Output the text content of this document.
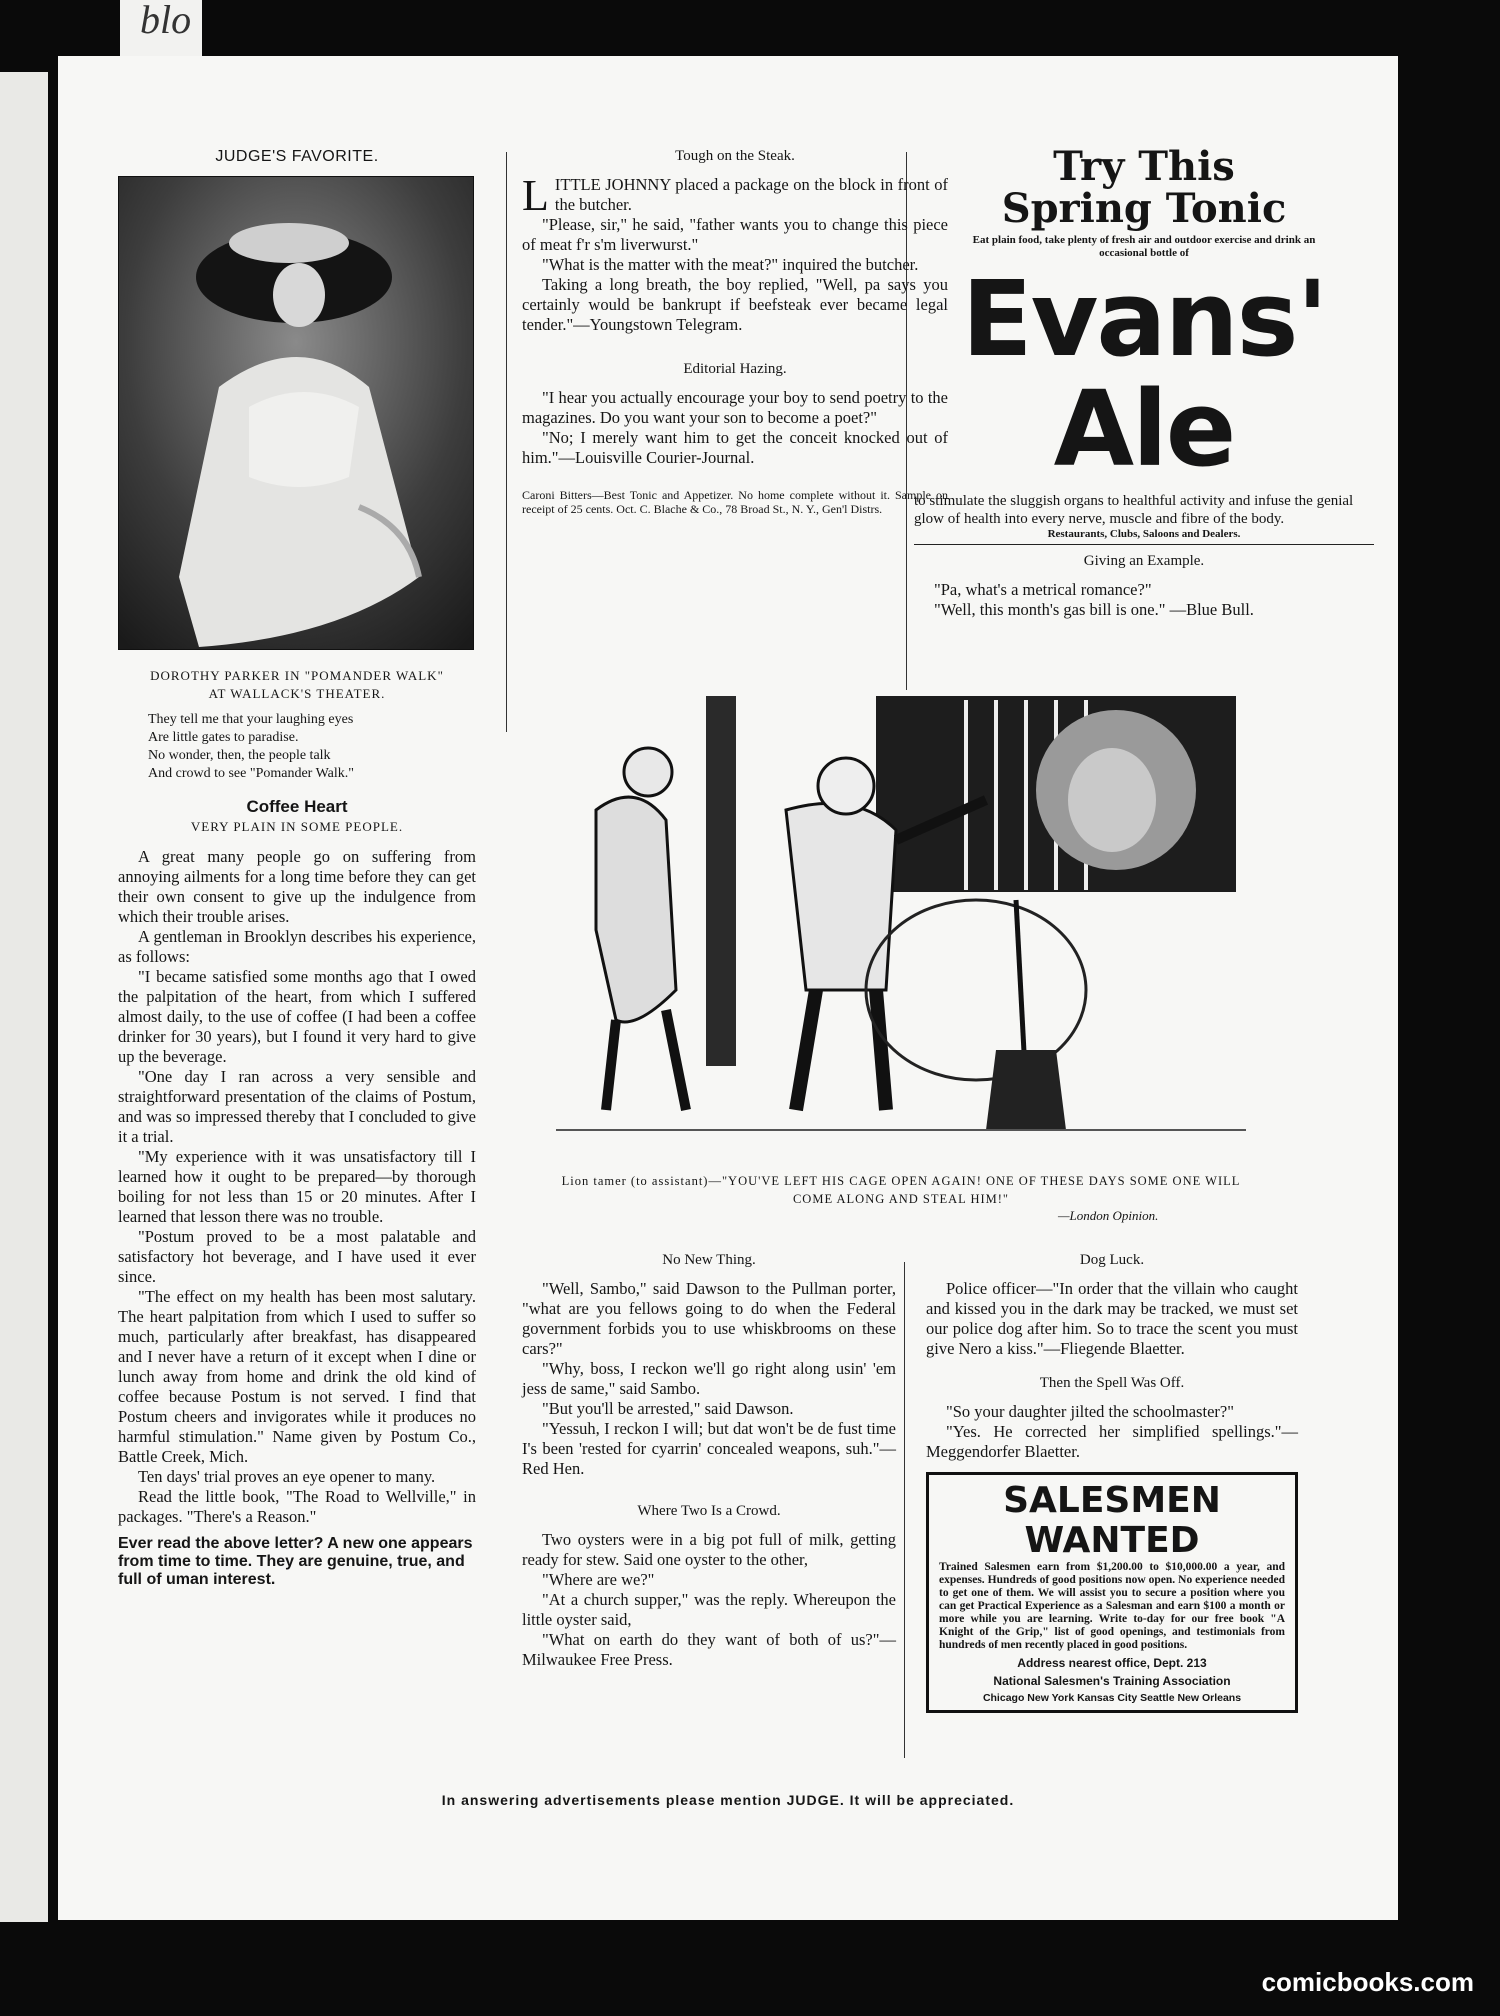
blo
JUDGE'S FAVORITE.
DOROTHY PARKER IN "POMANDER WALK"
AT WALLACK'S THEATER.
They tell me that your laughing eyes
Are little gates to paradise.
No wonder, then, the people talk
And crowd to see "Pomander Walk."
Coffee Heart
VERY PLAIN IN SOME PEOPLE.

A great many people go on suffering from annoying ailments for a long time before they can get their own consent to give up the indulgence from which their trouble arises.

A gentleman in Brooklyn describes his experience, as follows:

"I became satisfied some months ago that I owed the palpitation of the heart, from which I suffered almost daily, to the use of coffee (I had been a coffee drinker for 30 years), but I found it very hard to give up the beverage.

"One day I ran across a very sensible and straightforward presentation of the claims of Postum, and was so impressed thereby that I concluded to give it a trial.

"My experience with it was unsatisfactory till I learned how it ought to be prepared—by thorough boiling for not less than 15 or 20 minutes. After I learned that lesson there was no trouble.

"Postum proved to be a most palatable and satisfactory hot beverage, and I have used it ever since.

"The effect on my health has been most salutary. The heart palpitation from which I used to suffer so much, particularly after breakfast, has disappeared and I never have a return of it except when I dine or lunch away from home and drink the old kind of coffee because Postum is not served. I find that Postum cheers and invigorates while it produces no harmful stimulation." Name given by Postum Co., Battle Creek, Mich.

Ten days' trial proves an eye opener to many.

Read the little book, "The Road to Wellville," in packages. "There's a Reason."

Ever read the above letter? A new one appears from time to time. They are genuine, true, and full of uman interest.
Tough on the Steak.

LITTLE JOHNNY placed a package on the block in front of the butcher.

"Please, sir," he said, "father wants you to change this piece of meat f'r s'm liverwurst."

"What is the matter with the meat?" inquired the butcher.

Taking a long breath, the boy replied, "Well, pa says you certainly would be bankrupt if beefsteak ever became legal tender."—Youngstown Telegram.

Editorial Hazing.

"I hear you actually encourage your boy to send poetry to the magazines. Do you want your son to become a poet?"

"No; I merely want him to get the conceit knocked out of him."—Louisville Courier-Journal.

Caroni Bitters—Best Tonic and Appetizer. No home complete without it. Sample on receipt of 25 cents. Oct. C. Blache & Co., 78 Broad St., N. Y., Gen'l Distrs.
Try This
Spring Tonic
Eat plain food, take plenty of fresh air and outdoor exercise and drink an occasional bottle of
Evans'
Ale
to stimulate the sluggish organs to healthful activity and infuse the genial glow of health into every nerve, muscle and fibre of the body.
Restaurants, Clubs, Saloons and Dealers.
Giving an Example.

"Pa, what's a metrical romance?"

"Well, this month's gas bill is one." —Blue Bull.

Lion tamer (to assistant)—"YOU'VE LEFT HIS CAGE OPEN AGAIN! ONE OF THESE DAYS SOME ONE WILL COME ALONG AND STEAL HIM!"
—London Opinion.
No New Thing.

"Well, Sambo," said Dawson to the Pullman porter, "what are you fellows going to do when the Federal government forbids you to use whiskbrooms on these cars?"

"Why, boss, I reckon we'll go right along usin' 'em jess de same," said Sambo.

"But you'll be arrested," said Dawson.

"Yessuh, I reckon I will; but dat won't be de fust time I's been 'rested for cyarrin' concealed weapons, suh."—Red Hen.

Where Two Is a Crowd.

Two oysters were in a big pot full of milk, getting ready for stew. Said one oyster to the other,

"Where are we?"

"At a church supper," was the reply. Whereupon the little oyster said,

"What on earth do they want of both of us?"—Milwaukee Free Press.

Dog Luck.

Police officer—"In order that the villain who caught and kissed you in the dark may be tracked, we must set our police dog after him. So to trace the scent you must give Nero a kiss."—Fliegende Blaetter.

Then the Spell Was Off.

"So your daughter jilted the schoolmaster?"

"Yes. He corrected her simplified spellings."—Meggendorfer Blaetter.

SALESMEN WANTED
Trained Salesmen earn from $1,200.00 to $10,000.00 a year, and expenses. Hundreds of good positions now open. No experience needed to get one of them. We will assist you to secure a position where you can get Practical Experience as a Salesman and earn $100 a month or more while you are learning. Write to-day for our free book "A Knight of the Grip," list of good openings, and testimonials from hundreds of men recently placed in good positions.
Address nearest office, Dept. 213
National Salesmen's Training Association
Chicago New York Kansas City Seattle New Orleans
In answering advertisements please mention JUDGE. It will be appreciated.
comicbooks.com
